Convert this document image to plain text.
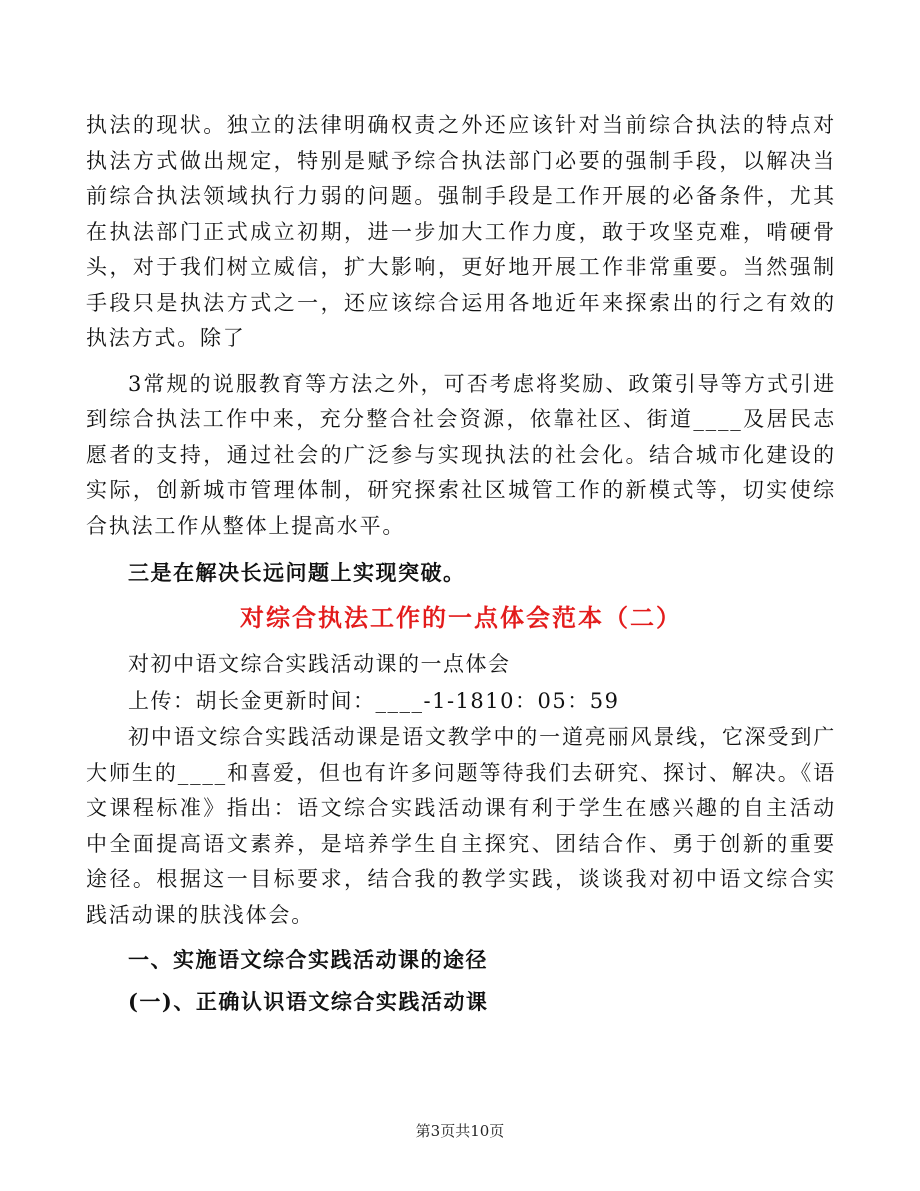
执法的现状。独立的法律明确权责之外还应该针对当前综合执法的特点对执法方式做出规定，特别是赋予综合执法部门必要的强制手段，以解决当前综合执法领域执行力弱的问题。强制手段是工作开展的必备条件，尤其在执法部门正式成立初期，进一步加大工作力度，敢于攻坚克难，啃硬骨头，对于我们树立威信，扩大影响，更好地开展工作非常重要。当然强制手段只是执法方式之一，还应该综合运用各地近年来探索出的行之有效的执法方式。除了

3常规的说服教育等方法之外，可否考虑将奖励、政策引导等方式引进到综合执法工作中来，充分整合社会资源，依靠社区、街道____及居民志愿者的支持，通过社会的广泛参与实现执法的社会化。结合城市化建设的实际，创新城市管理体制，研究探索社区城管工作的新模式等，切实使综合执法工作从整体上提高水平。

三是在解决长远问题上实现突破。

对综合执法工作的一点体会范本（二）

对初中语文综合实践活动课的一点体会

上传：胡长金更新时间：____-1-1810：05：59

初中语文综合实践活动课是语文教学中的一道亮丽风景线，它深受到广大师生的____和喜爱，但也有许多问题等待我们去研究、探讨、解决。《语文课程标准》指出：语文综合实践活动课有利于学生在感兴趣的自主活动中全面提高语文素养，是培养学生自主探究、团结合作、勇于创新的重要途径。根据这一目标要求，结合我的教学实践，谈谈我对初中语文综合实践活动课的肤浅体会。

一、实施语文综合实践活动课的途径

(一)、正确认识语文综合实践活动课

第3页共10页
